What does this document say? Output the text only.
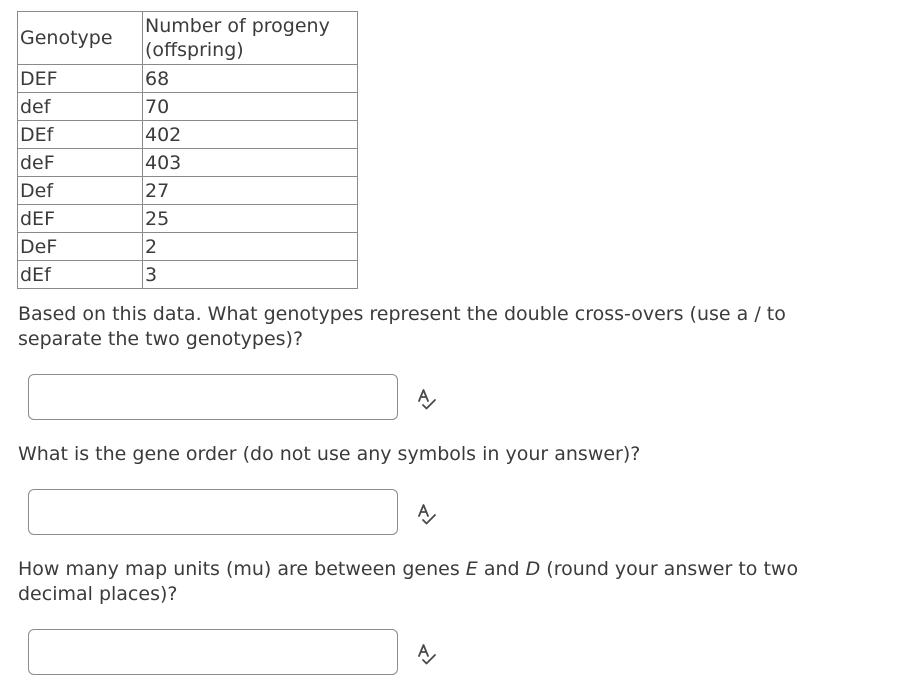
Genotype	Number of progeny (offspring)
DEF	68
def	70
DEf	402
deF	403
Def	27
dEF	25
DeF	2
dEf	3

Based on this data. What genotypes represent the double cross-overs (use a / to separate the two genotypes)?

What is the gene order (do not use any symbols in your answer)?

How many map units (mu) are between genes E and D (round your answer to two decimal places)?
